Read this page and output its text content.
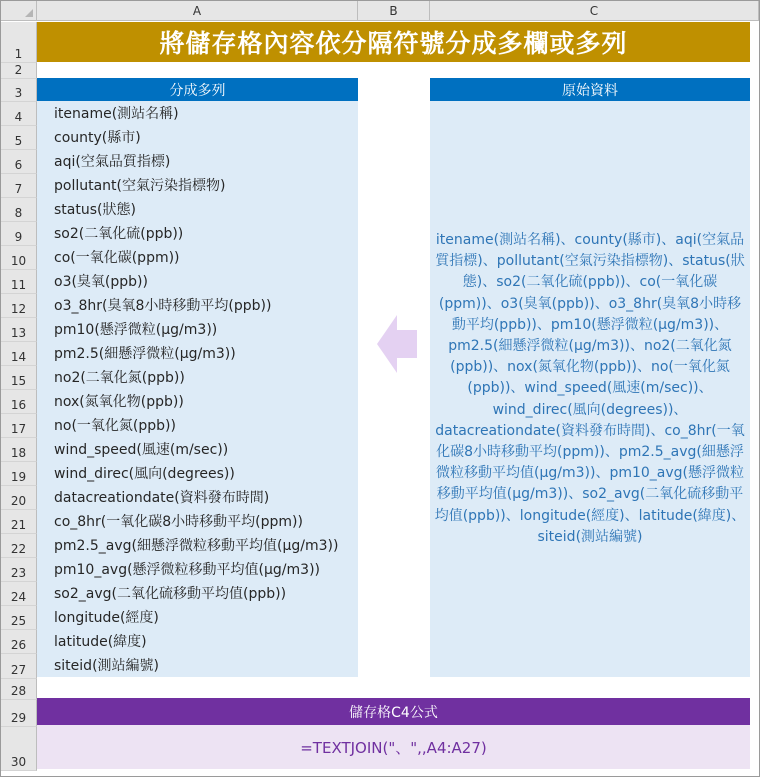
A	B	C
1
2
3
4
5
6
7
8
9
10
11
12
13
14
15
16
17
18
19
20
21
22
23
24
25
26
27
28
29
30
將儲存格內容依分隔符號分成多欄或多列
分成多列	原始資料
itename(測站名稱)
county(縣市)
aqi(空氣品質指標)
pollutant(空氣污染指標物)
status(狀態)
so2(二氧化硫(ppb))
co(一氧化碳(ppm))
o3(臭氧(ppb))
o3_8hr(臭氧8小時移動平均(ppb))
pm10(懸浮微粒(μg/m3))
pm2.5(細懸浮微粒(μg/m3))
no2(二氧化氮(ppb))
nox(氮氧化物(ppb))
no(一氧化氮(ppb))
wind_speed(風速(m/sec))
wind_direc(風向(degrees))
datacreationdate(資料發布時間)
co_8hr(一氧化碳8小時移動平均(ppm))
pm2.5_avg(細懸浮微粒移動平均值(μg/m3))
pm10_avg(懸浮微粒移動平均值(μg/m3))
so2_avg(二氧化硫移動平均值(ppb))
longitude(經度)
latitude(緯度)
siteid(測站編號)
itename(測站名稱)、county(縣市)、aqi(空氣品質指標)、pollutant(空氣污染指標物)、status(狀態)、so2(二氧化硫(ppb))、co(一氧化碳(ppm))、o3(臭氧(ppb))、o3_8hr(臭氧8小時移動平均(ppb))、pm10(懸浮微粒(μg/m3))、pm2.5(細懸浮微粒(μg/m3))、no2(二氧化氮(ppb))、nox(氮氧化物(ppb))、no(一氧化氮(ppb))、wind_speed(風速(m/sec))、wind_direc(風向(degrees))、datacreationdate(資料發布時間)、co_8hr(一氧化碳8小時移動平均(ppm))、pm2.5_avg(細懸浮微粒移動平均值(μg/m3))、pm10_avg(懸浮微粒移動平均值(μg/m3))、so2_avg(二氧化硫移動平均值(ppb))、longitude(經度)、latitude(緯度)、siteid(測站編號)
儲存格C4公式
=TEXTJOIN("、",,A4:A27)
